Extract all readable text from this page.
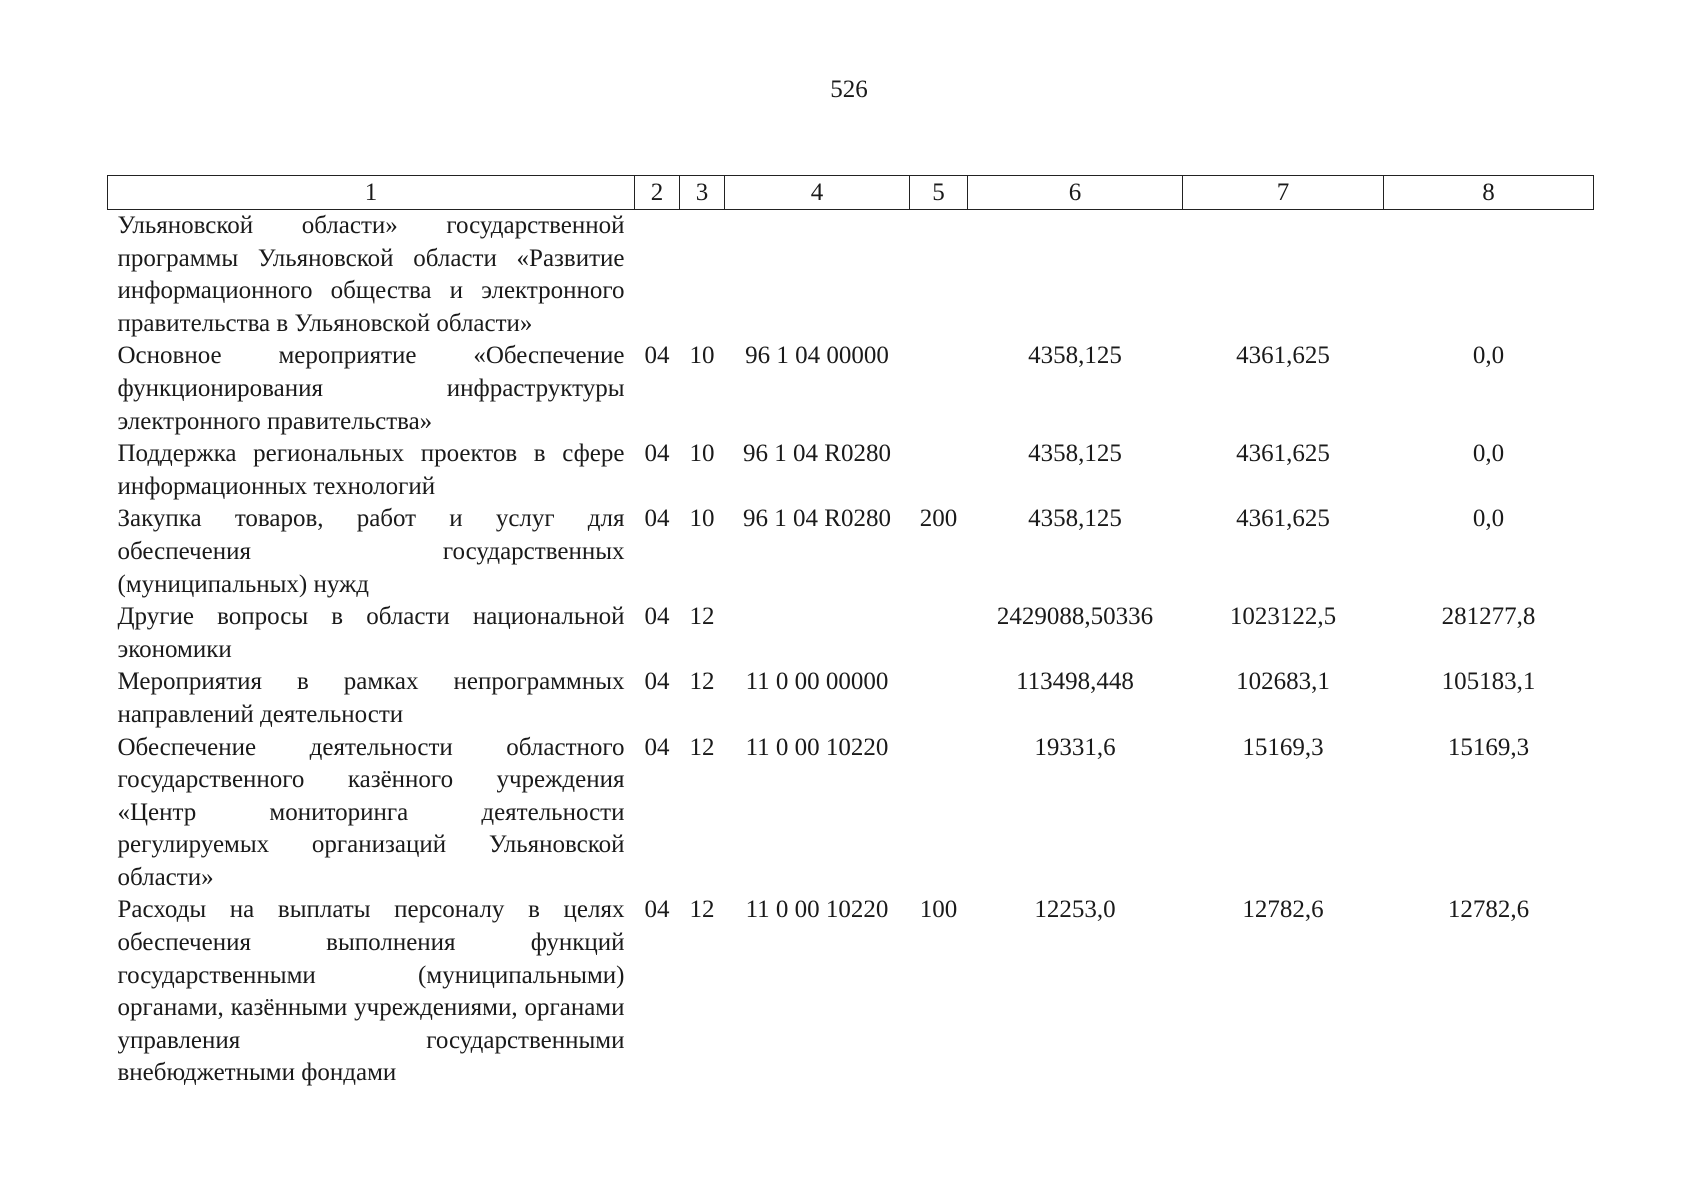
526
1	2	3	4	5	6	7	8
Ульяновской области» государственной программы Ульяновской области «Развитие информационного общества и электронного правительства в Ульяновской области»							
Основное мероприятие «Обеспечение функционирования инфраструктуры электронного правительства»	04	10	96 1 04 00000		4358,125	4361,625	0,0
Поддержка региональных проектов в сфере информационных технологий	04	10	96 1 04 R0280		4358,125	4361,625	0,0
Закупка товаров, работ и услуг для обеспечения государственных (муниципальных) нужд	04	10	96 1 04 R0280	200	4358,125	4361,625	0,0
Другие вопросы в области национальной экономики	04	12			2429088,50336	1023122,5	281277,8
Мероприятия в рамках непрограммных направлений деятельности	04	12	11 0 00 00000		113498,448	102683,1	105183,1
Обеспечение деятельности областного государственного казённого учреждения «Центр мониторинга деятельности регулируемых организаций Ульяновской области»	04	12	11 0 00 10220		19331,6	15169,3	15169,3
Расходы на выплаты персоналу в целях обеспечения выполнения функций государственными (муниципальными) органами, казёнными учреждениями, органами управления государственными внебюджетными фондами	04	12	11 0 00 10220	100	12253,0	12782,6	12782,6
